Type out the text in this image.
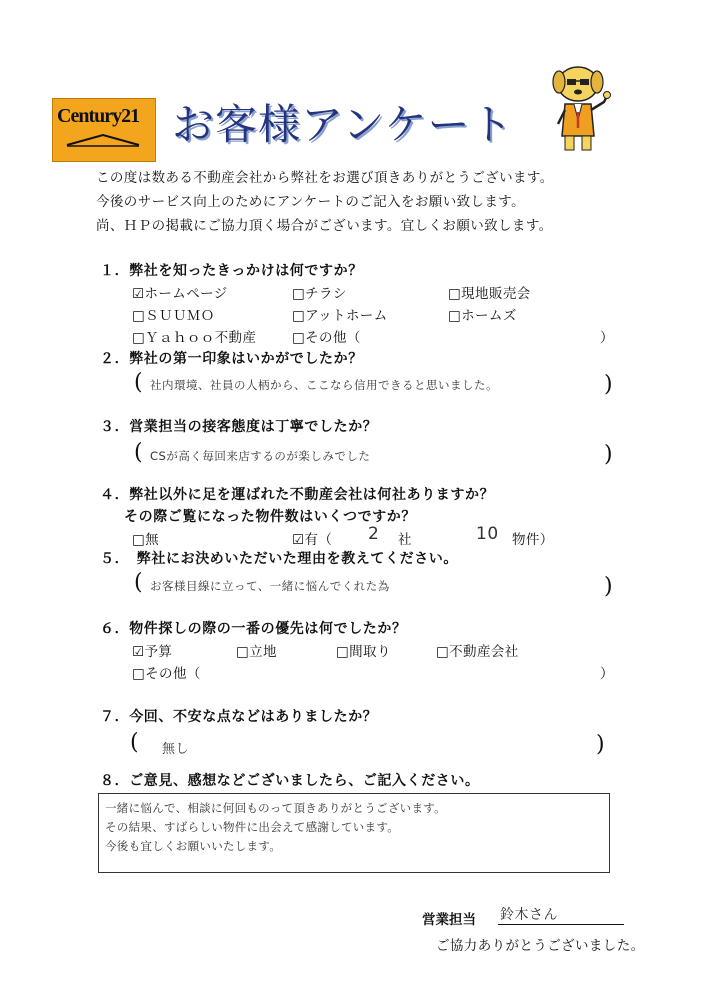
Century21 お客様アンケート
この度は数ある不動産会社から弊社をお選び頂きありがとうございます。
今後のサービス向上のためにアンケートのご記入をお願い致します。
尚、ＨＰの掲載にご協力頂く場合がございます。宜しくお願い致します。
１．弊社を知ったきっかけは何ですか？
☑ホームページ	□チラシ	□現地販売会
□ＳＵＵＭＯ	□アットホーム	□ホームズ
□Ｙａｈｏｏ不動産	□その他（	）
２．弊社の第一印象はいかがでしたか？
( 社内環境、社員の人柄から、ここなら信用できると思いました。	)
３．営業担当の接客態度は丁寧でしたか？
( CSが高く毎回来店するのが楽しみでした	)
４．弊社以外に足を運ばれた不動産会社は何社ありますか？
その際ご覧になった物件数はいくつですか？
□無	☑有（ 2 社	10 物件）
５．　弊社にお決めいただいた理由を教えてください。
( お客様目線に立って、一緒に悩んでくれた為	)
６．物件探しの際の一番の優先は何でしたか？
☑予算	□立地	□間取り	□不動産会社
□その他（	）
７．今回、不安な点などはありましたか？
( 無し	)
８．ご意見、感想などございましたら、ご記入ください。
一緒に悩んで、相談に何回ものって頂きありがとうございます。
その結果、すばらしい物件に出会えて感謝しています。
今後も宜しくお願いいたします。
営業担当 鈴木さん
ご協力ありがとうございました。
